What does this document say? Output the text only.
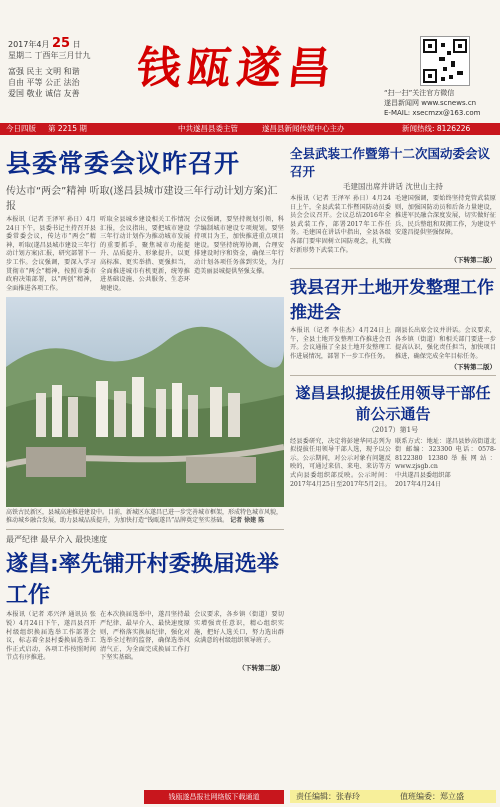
2017年4月 25 日
星期二 丁酉年三月廿九
富强 民主 文明 和谐
自由 平等 公正 法治
爱国 敬业 诚信 友善	钱瓯遂昌	“扫一扫”关注官方微信
遂昌新闻网 www.scnews.cn
E-MAIL: xsecmzx@163.com
今日四版 第 2215 期	中共遂昌县委主管	遂昌县新闻传媒中心主办	新闻热线: 8126226
县委常委会议昨召开
传达市“两会”精神 听取(遂昌县城市建设三年行动计划方案)汇报
本报讯（记者 王泽军 孙日）4月24日下午，县委书记主持召开县委常委会议，传达市“两会”精神，听取(遂昌县城市建设三年行动计划方案)汇报，研究部署下一步工作。会议强调，要深入学习贯彻市“两会”精神，按照市委市政府决策部署，以“两创”精神，全面推进各项工作。
听取全县城乡建设相关工作情况汇报，会议指出，要把城市建设三年行动计划作为推动城市发展的重要抓手，聚焦城市功能提升、品质提升、形象提升，以更高标准、更实举措、更强担当，全面推进城市有机更新，统筹推进基础设施、公共服务、生态环境建设。
会议强调，要坚持规划引领，科学编制城市建设专项规划。要坚持项目为王，加快推进重点项目建设。要坚持统筹协调，合理安排建设时序和资金，确保三年行动计划各项任务落到实处，为打造美丽县城提供坚强支撑。
高铁古民新区，县城高速推进建设中。目前，新城区东遂昌已进一步完善城市框架，形成特色城市风貌，推动城乡融合发展，助力县城品质提升，为加快打造“钱瓯遂昌”品牌奠定坚实基础。 记者 徐建 陈
最严纪律 最早介入 最快速度
遂昌:率先铺开村委换届选举工作
本报讯（记者 邓兴泽 通讯员 张锐）4月24日下午，遂昌县召开村级组织换届选举工作部署会议，标志着全县村委换届选举工作正式启动，各项工作按照时间节点有序推进。
在本次换届选举中，遂昌坚持最严纪律、最早介入、最快速度原则，严格落实换届纪律，强化对选举全过程的监督，确保选举风清气正，为全面完成换届工作打下坚实基础。
会议要求，各乡镇（街道）要切实增强责任意识，精心组织实施，把好人选关口，努力选出群众满意的村级组织领导班子。
（下转第二版）
钱瓯遂昌报社网络版下载通道
全县武装工作暨第十二次国动委会议召开
毛建国出席并讲话 沈世山主持
本报讯（记者 王泽军 孙日）4月24日上午，全县武装工作暨国防动员委员会会议召开。会议总结2016年全县武装工作，部署2017年工作任务。毛建国在讲话中指出，全县各级各部门要牢固树立国防观念，扎实做好新形势下武装工作。
毛建国强调，要始终坚持党管武装原则，加强国防动员和后备力量建设，推进军民融合深度发展，切实做好征兵、民兵整组和双拥工作，为建设平安遂昌提供坚强保障。
（下转第二版）
我县召开土地开发整理工作推进会
本报讯（记者 李佳杰）4月24日上午，全县土地开发整理工作推进会召开。会议通报了全县土地开发整理工作进展情况，部署下一步工作任务。
副县长出席会议并讲话。会议要求，各乡镇（街道）和相关部门要进一步提高认识，强化责任担当，加快项目推进，确保完成全年目标任务。
（下转第二版）
遂昌县拟提拔任用领导干部任前公示通告
（2017）第1号
经县委研究，决定将彭建华同志列为拟提拔任用领导干部人选，现予以公示。公示期间，对公示对象有问题反映的，可通过来信、来电、来访等方式向县委组织部反映。公示时间：2017年4月25日至2017年5月2日。
联系方式：地址：遂昌县妙高街道北街 邮编：323300 电话：0578-8122380 12380举报网站：www.zjsgb.cn
中共遂昌县委组织部
2017年4月24日
责任编辑：张春玲	值班编委：郑立盛
